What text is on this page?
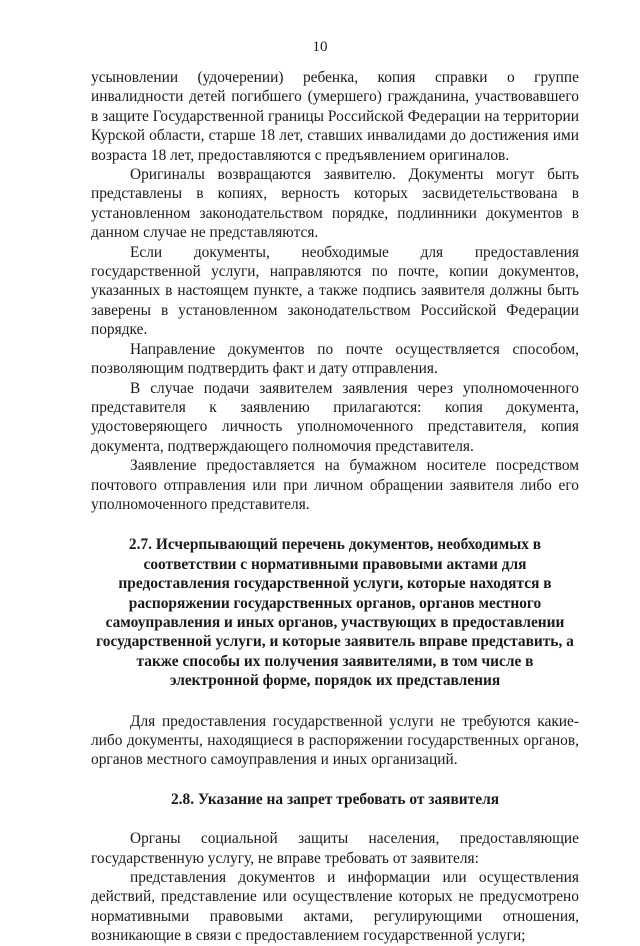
10

усыновлении (удочерении) ребенка, копия справки о группе инвалидности детей погибшего (умершего) гражданина, участвовавшего в защите Государственной границы Российской Федерации на территории Курской области, старше 18 лет, ставших инвалидами до достижения ими возраста 18 лет, предоставляются с предъявлением оригиналов.

Оригиналы возвращаются заявителю. Документы могут быть представлены в копиях, верность которых засвидетельствована в установленном законодательством порядке, подлинники документов в данном случае не представляются.

Если документы, необходимые для предоставления государственной услуги, направляются по почте, копии документов, указанных в настоящем пункте, а также подпись заявителя должны быть заверены в установленном законодательством Российской Федерации порядке.

Направление документов по почте осуществляется способом, позволяющим подтвердить факт и дату отправления.

В случае подачи заявителем заявления через уполномоченного представителя к заявлению прилагаются: копия документа, удостоверяющего личность уполномоченного представителя, копия документа, подтверждающего полномочия представителя.

Заявление предоставляется на бумажном носителе посредством почтового отправления или при личном обращении заявителя либо его уполномоченного представителя.

2.7. Исчерпывающий перечень документов, необходимых в соответствии с нормативными правовыми актами для предоставления государственной услуги, которые находятся в распоряжении государственных органов, органов местного самоуправления и иных органов, участвующих в предоставлении государственной услуги, и которые заявитель вправе представить, а также способы их получения заявителями, в том числе в электронной форме, порядок их представления

Для предоставления государственной услуги не требуются какие-либо документы, находящиеся в распоряжении государственных органов, органов местного самоуправления и иных организаций.

2.8. Указание на запрет требовать от заявителя

Органы социальной защиты населения, предоставляющие государственную услугу, не вправе требовать от заявителя:

представления документов и информации или осуществления действий, представление или осуществление которых не предусмотрено нормативными правовыми актами, регулирующими отношения, возникающие в связи с предоставлением государственной услуги;
